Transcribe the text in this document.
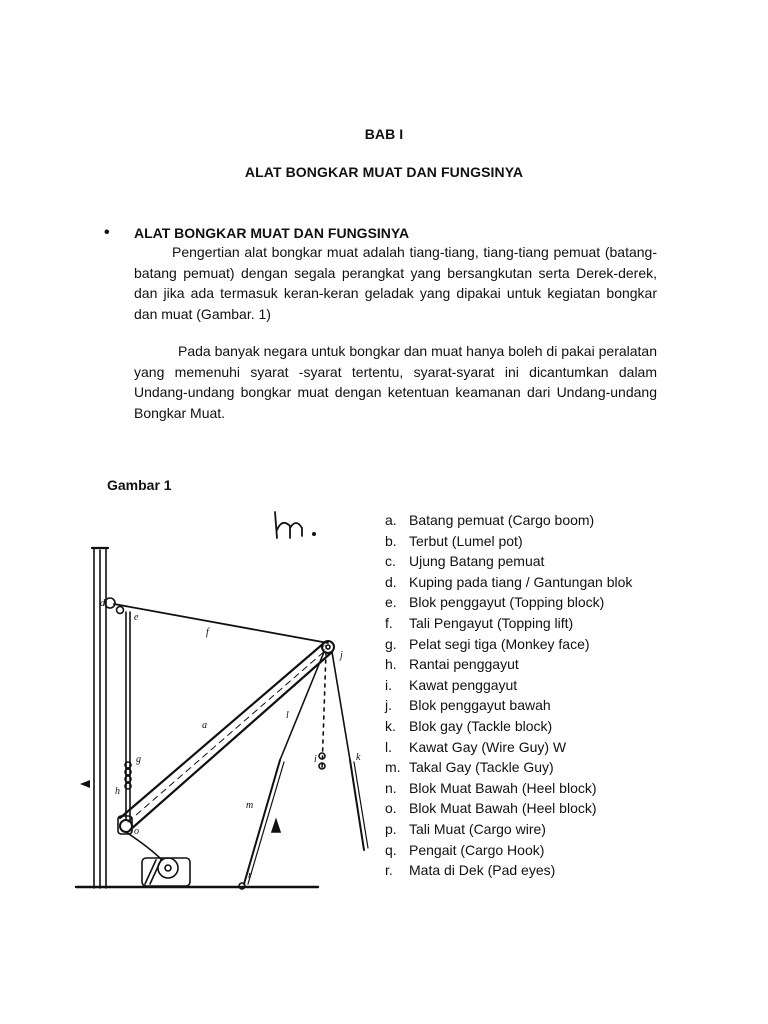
BAB I
ALAT BONGKAR MUAT DAN FUNGSINYA
• ALAT BONGKAR MUAT DAN FUNGSINYA
Pengertian alat bongkar muat adalah tiang-tiang, tiang-tiang pemuat (batang-batang pemuat) dengan segala perangkat yang bersangkutan serta Derek-derek, dan jika ada termasuk keran-keran geladak yang dipakai untuk kegiatan bongkar dan muat (Gambar. 1)
Pada banyak negara untuk bongkar dan muat hanya boleh di pakai peralatan yang memenuhi syarat -syarat tertentu, syarat-syarat ini dicantumkan dalam Undang-undang bongkar muat dengan ketentuan keamanan dari Undang-undang Bongkar Muat.
Gambar 1
d
e
f
c
a
l
g
h
o
i	k
m
r
j
a. Batang pemuat (Cargo boom)
b. Terbut (Lumel pot)
c. Ujung Batang pemuat
d. Kuping pada tiang / Gantungan blok
e. Blok penggayut (Topping block)
f. Tali Pengayut (Topping lift)
g. Pelat segi tiga (Monkey face)
h. Rantai penggayut
i. Kawat penggayut
j. Blok penggayut bawah
k. Blok gay (Tackle block)
l. Kawat Gay (Wire Guy) W
m. Takal Gay (Tackle Guy)
n. Blok Muat Bawah (Heel block)
o. Blok Muat Bawah (Heel block)
p. Tali Muat (Cargo wire)
q. Pengait (Cargo Hook)
r. Mata di Dek (Pad eyes)
